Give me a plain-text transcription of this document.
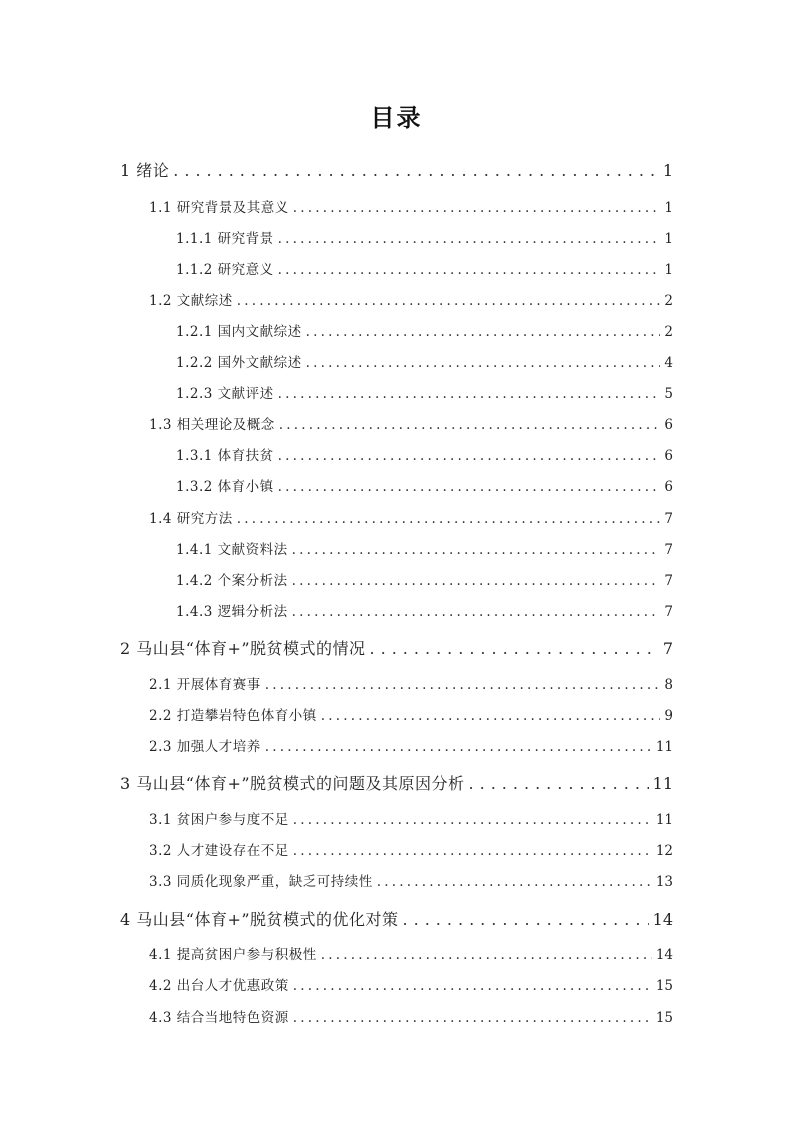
目录
1 绪论 .....	1
1.1 研究背景及其意义 .....	1
1.1.1 研究背景 .....	1
1.1.2 研究意义 .....	1
1.2 文献综述 .....	2
1.2.1 国内文献综述 .....	2
1.2.2 国外文献综述 .....	4
1.2.3 文献评述 .....	5
1.3 相关理论及概念 .....	6
1.3.1 体育扶贫 .....	6
1.3.2 体育小镇 .....	6
1.4 研究方法 .....	7
1.4.1 文献资料法 .....	7
1.4.2 个案分析法 .....	7
1.4.3 逻辑分析法 .....	7
2 马山县“体育+”脱贫模式的情况 .....	7
2.1 开展体育赛事 .....	8
2.2 打造攀岩特色体育小镇 .....	9
2.3 加强人才培养 .....	11
3 马山县“体育+”脱贫模式的问题及其原因分析 .....	11
3.1 贫困户参与度不足 .....	11
3.2 人才建设存在不足 .....	12
3.3 同质化现象严重，缺乏可持续性 .....	13
4 马山县“体育+”脱贫模式的优化对策 .....	14
4.1 提高贫困户参与积极性 .....	14
4.2 出台人才优惠政策 .....	15
4.3 结合当地特色资源 .....	15
